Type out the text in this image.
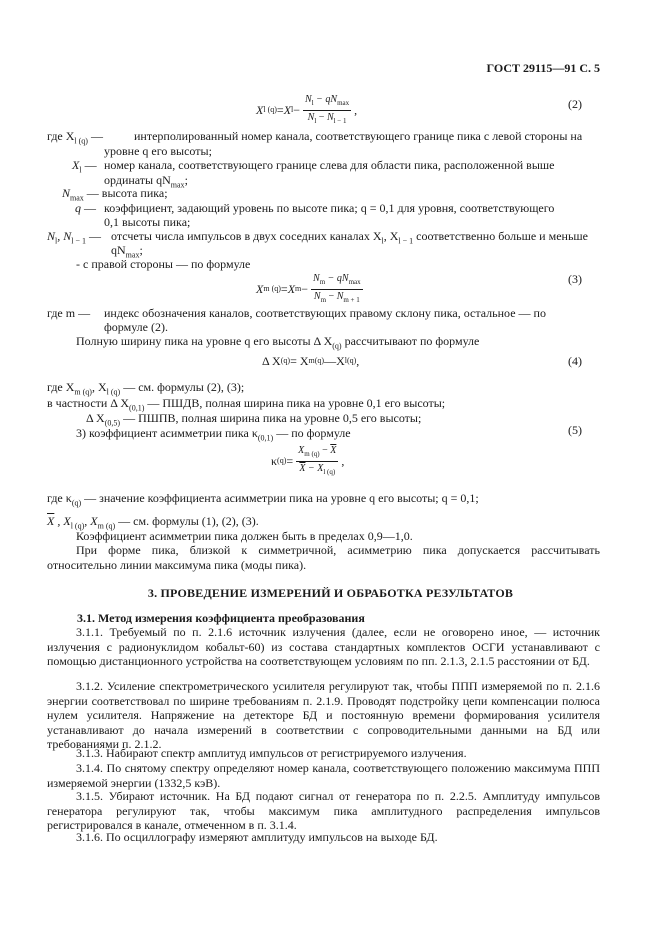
ГОСТ 29115—91 С. 5
X l (q) = X $l - \frac{N_l - qN_{max}}{N_l - N_{l - 1}}$ ,	(2)
где $X_{l (q)}$ —	интерполированный номер канала, соответствующего границе пика с левой стороны на
уровне q его высоты;
$X_l$ — номер канала, соответствующего границе слева для области пика, расположенной выше
ординаты $qN_{max}$;
$N_{max}$ — высота пика;
q — коэффициент, задающий уровень по высоте пика; q = 0,1 для уровня, соответствующего
0,1 высоты пика;
$N_l$, $N_{l - 1}$ — отсчеты числа импульсов в двух соседних каналах $X_l$, $X_{l - 1}$ соответственно больше и меньше
$qN_{max}$;
- с правой стороны — по формуле
X m (q) = X $m - \frac{N_m - qN_{max}}{N_m - N_{m + 1}}$	(3)
где m — индекс обозначения каналов, соответствующих правому склону пика, остальное — по
формуле (2).
Полную ширину пика на уровне q его высоты Δ $X_{(q)}$ рассчитывают по формуле
Δ X (q) = X m(q) —X l(q) ,	(4)
где $X_{m (q)}$, $X_{l (q)}$ — см. формулы (2), (3);
в частности Δ $X_{(0,1)}$ — ПШДВ, полная ширина пика на уровне 0,1 его высоты;
Δ $X_{(0,5)}$ — ПШПВ, полная ширина пика на уровне 0,5 его высоты;
3) коэффициент асимметрии пика $\kappa_{(0,1)}$ — по формуле
κ $(q) = \frac{X_{m (q)} - \overline{X}}{\overline{X} - X_{l (q)}}$ ,
(5)
где $\kappa_{(q)}$ — значение коэффициента асимметрии пика на уровне q его высоты; q = 0,1;
$\overline{X}$ , $X_{l (q)}$, $X_{m (q)}$ — см. формулы (1), (2), (3).
Коэффициент асимметрии пика должен быть в пределах 0,9—1,0.
При форме пика, близкой к симметричной, асимметрию пика допускается рассчитывать относительно линии максимума пика (моды пика).
3. ПРОВЕДЕНИЕ ИЗМЕРЕНИЙ И ОБРАБОТКА РЕЗУЛЬТАТОВ
3.1. Метод измерения коэффициента преобразования
3.1.1. Требуемый по п. 2.1.6 источник излучения (далее, если не оговорено иное, — источник излучения с радионуклидом кобальт-60) из состава стандартных комплектов ОСГИ устанавливают с помощью дистанционного устройства на соответствующем условиям по пп. 2.1.3, 2.1.5 расстоянии от БД.
3.1.2. Усиление спектрометрического усилителя регулируют так, чтобы ППП измеряемой по п. 2.1.6 энергии соответствовал по ширине требованиям п. 2.1.9. Проводят подстройку цепи компенсации полюса нулем усилителя. Напряжение на детекторе БД и постоянную времени формирования усилителя устанавливают до начала измерений в соответствии с сопроводительными данными на БД или требованиями п. 2.1.2.
3.1.3. Набирают спектр амплитуд импульсов от регистрируемого излучения.
3.1.4. По снятому спектру определяют номер канала, соответствующего положению максимума ППП измеряемой энергии (1332,5 кэВ).
3.1.5. Убирают источник. На БД подают сигнал от генератора по п. 2.2.5. Амплитуду импульсов генератора регулируют так, чтобы максимум пика амплитудного распределения импульсов регистрировался в канале, отмеченном в п. 3.1.4.
3.1.6. По осциллографу измеряют амплитуду импульсов на выходе БД.
